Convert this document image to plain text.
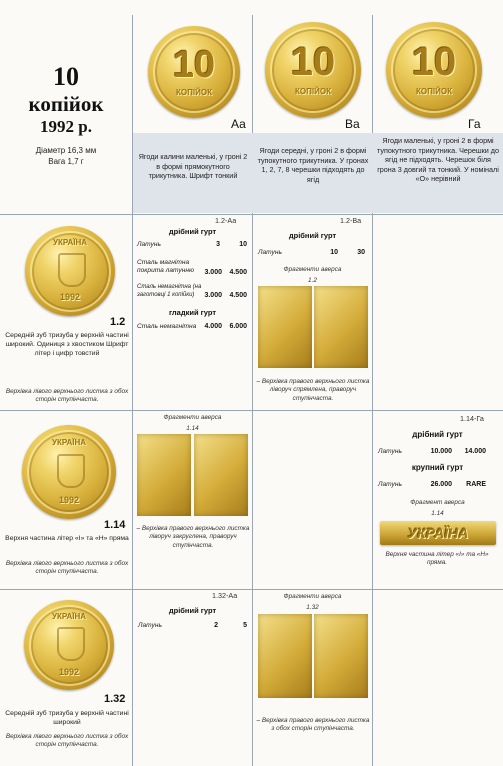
10
копійок
1992 р.
Діаметр 16,3 мм
Вага 1,7 г
10
КОПІЙОК
10
КОПІЙОК
10
КОПІЙОК
Аа	Ва	Га
Ягоди калини маленькі, у гроні 2 в формі прямокутного трикутника. Шрифт тонкий
Ягоди середні, у гроні 2 в формі тупокутного трикутника. У гронах 1, 2, 7, 8 черешки підходять до ягід
Ягоди маленькі, у гроні 2 в формі тупокутного трикутника. Черешки до ягід не підходять. Черешок біля грона 3 довгий та тонкий. У номіналі «О» нерівний
УКРАЇНА
1992
1.2
Середній зуб тризуба у верхній частині широкий. Одиниця з хвостиком Шрифт літер і цифр товстий
Верхівка лівого верхнього листка з обох сторін ступінчаста.
1.2-Аа
дрібний гурт
Латунь	3	10
Сталь магнітна покрита латунню	3.000	4.500
Сталь немагнітна (на заготовці 1 копійки)	3.000	4.500
гладкий гурт
Сталь немагнітна	4.000	6.000
1.2-Ва
дрібний гурт
Латунь	10	30
Фрагменти аверса
1.2
– Верхівка правого верхнього листка ліворуч спрямлена, праворуч ступінчаста.
УКРАЇНА
1992
1.14
Верхня частина літер «І» та «Н» пряма
Верхівка лівого верхнього листка з обох сторін ступінчаста.
Фрагменти аверса
1.14
– Верхівка правого верхнього листка ліворуч закруглена, праворуч ступінчаста.
1.14-Га
дрібний гурт
Латунь	10.000	14.000
крупний гурт
Латунь	26.000	RARE
Фрагмент аверса
1.14
УКРАЇНА
Верхня частина літер «І» та «Н» пряма.
УКРАЇНА
1992
1.32
Середній зуб тризуба у верхній частині широкий
Верхівка лівого верхнього листка з обох сторін ступінчаста.
1.32-Аа
дрібний гурт
Латунь	2	5
Фрагменти аверса
1.32
– Верхівка правого верхнього листка з обох сторін ступінчаста.
